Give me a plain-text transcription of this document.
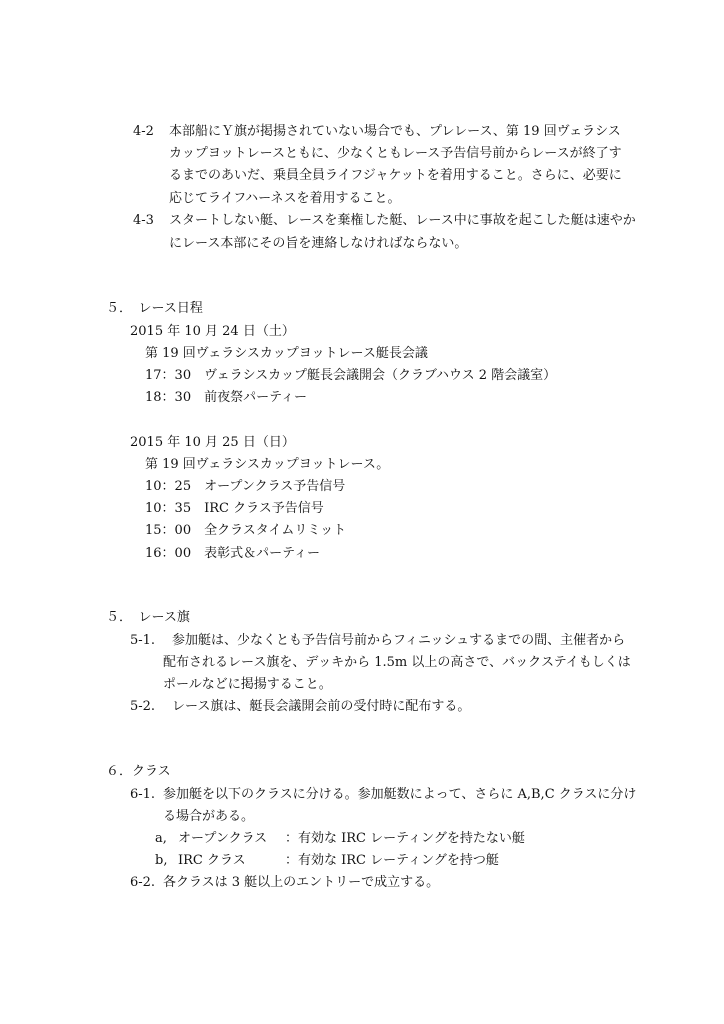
4-2 本部船にＹ旗が掲揚されていない場合でも、プレレース、第 19 回ヴェラシス
カップヨットレースともに、少なくともレース予告信号前からレースが終了す
るまでのあいだ、乗員全員ライフジャケットを着用すること。さらに、必要に
応じてライフハーネスを着用すること。
4-3 スタートしない艇、レースを棄権した艇、レース中に事故を起こした艇は速やか
にレース本部にその旨を連絡しなければならない。
５．　レース日程
2015 年 10 月 24 日（土）
第 19 回ヴェラシスカップヨットレース艇長会議
17：30　ヴェラシスカップ艇長会議開会（クラブハウス 2 階会議室）
18：30　前夜祭パーティー
2015 年 10 月 25 日（日）
第 19 回ヴェラシスカップヨットレース。
10：25　オープンクラス予告信号
10：35　IRC クラス予告信号
15：00　全クラスタイムリミット
16：00　表彰式＆パーティー
５．　レース旗
5-1. 参加艇は、少なくとも予告信号前からフィニッシュするまでの間、主催者から
配布されるレース旗を、デッキから 1.5m 以上の高さで、バックステイもしくは
ポールなどに掲揚すること。
5-2. レース旗は、艇長会議開会前の受付時に配布する。
６．クラス
6-1. 参加艇を以下のクラスに分ける。参加艇数によって、さらに A,B,C クラスに分け
る場合がある。
a, オープンクラス ：有効な IRC レーティングを持たない艇
b, IRC クラス	：有効な IRC レーティングを持つ艇
6-2. 各クラスは 3 艇以上のエントリーで成立する。
